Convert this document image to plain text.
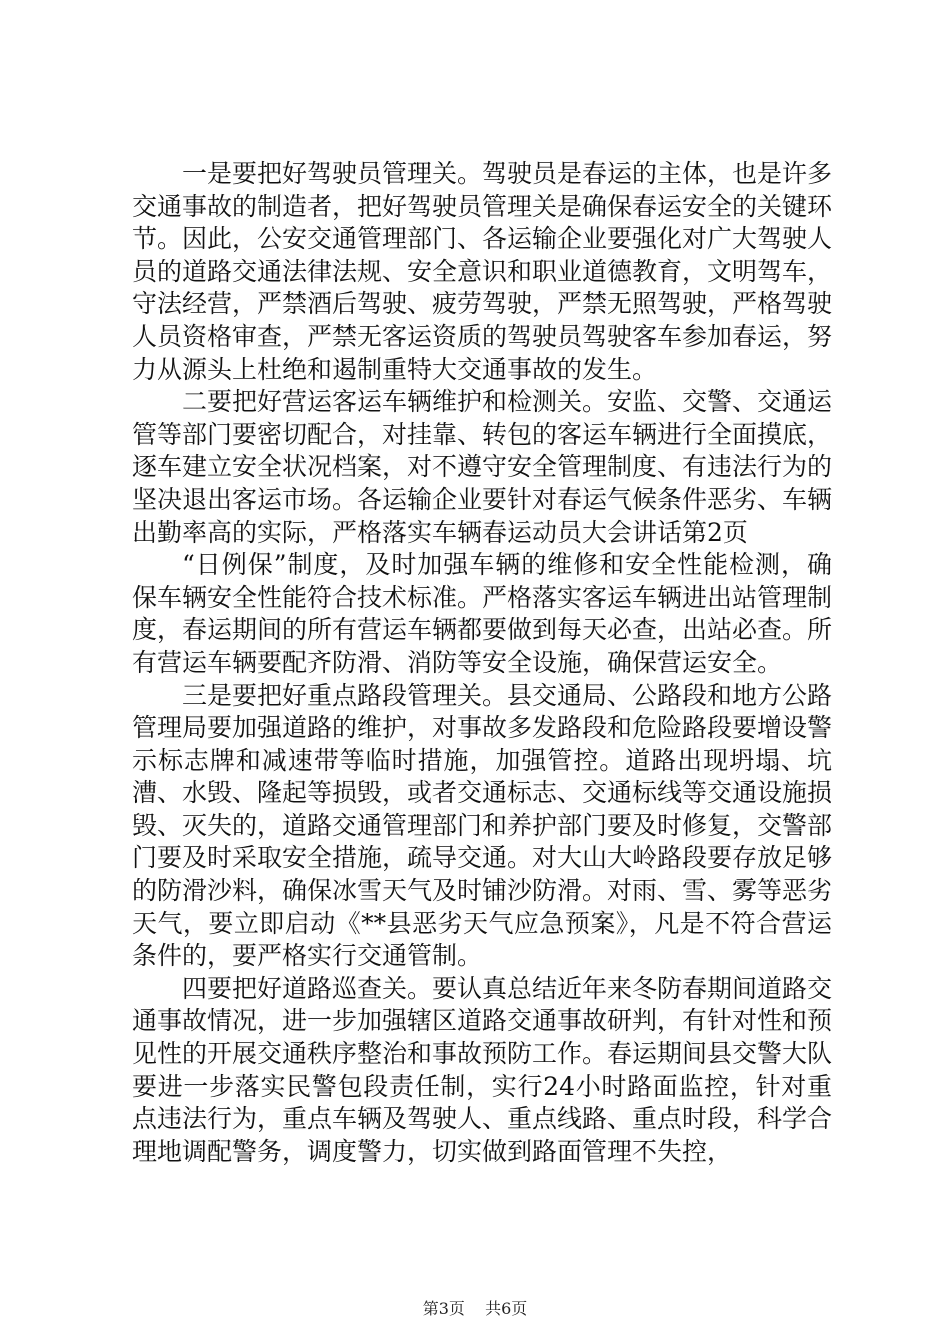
一是要把好驾驶员管理关。驾驶员是春运的主体，也是许多交通事故的制造者，把好驾驶员管理关是确保春运安全的关键环节。因此，公安交通管理部门、各运输企业要强化对广大驾驶人员的道路交通法律法规、安全意识和职业道德教育，文明驾车，守法经营，严禁酒后驾驶、疲劳驾驶，严禁无照驾驶，严格驾驶人员资格审查，严禁无客运资质的驾驶员驾驶客车参加春运，努力从源头上杜绝和遏制重特大交通事故的发生。

二要把好营运客运车辆维护和检测关。安监、交警、交通运管等部门要密切配合，对挂靠、转包的客运车辆进行全面摸底，逐车建立安全状况档案，对不遵守安全管理制度、有违法行为的坚决退出客运市场。各运输企业要针对春运气候条件恶劣、车辆出勤率高的实际，严格落实车辆春运动员大会讲话第2页

“日例保”制度，及时加强车辆的维修和安全性能检测，确保车辆安全性能符合技术标准。严格落实客运车辆进出站管理制度，春运期间的所有营运车辆都要做到每天必查，出站必查。所有营运车辆要配齐防滑、消防等安全设施，确保营运安全。

三是要把好重点路段管理关。县交通局、公路段和地方公路管理局要加强道路的维护，对事故多发路段和危险路段要增设警示标志牌和减速带等临时措施，加强管控。道路出现坍塌、坑漕、水毁、隆起等损毁，或者交通标志、交通标线等交通设施损毁、灭失的，道路交通管理部门和养护部门要及时修复，交警部门要及时采取安全措施，疏导交通。对大山大岭路段要存放足够的防滑沙料，确保冰雪天气及时铺沙防滑。对雨、雪、雾等恶劣天气，要立即启动《**县恶劣天气应急预案》，凡是不符合营运条件的，要严格实行交通管制。

四要把好道路巡查关。要认真总结近年来冬防春期间道路交通事故情况，进一步加强辖区道路交通事故研判，有针对性和预见性的开展交通秩序整治和事故预防工作。春运期间县交警大队要进一步落实民警包段责任制，实行24小时路面监控，针对重点违法行为，重点车辆及驾驶人、重点线路、重点时段，科学合理地调配警务，调度警力，切实做到路面管理不失控，

第3页 共6页
